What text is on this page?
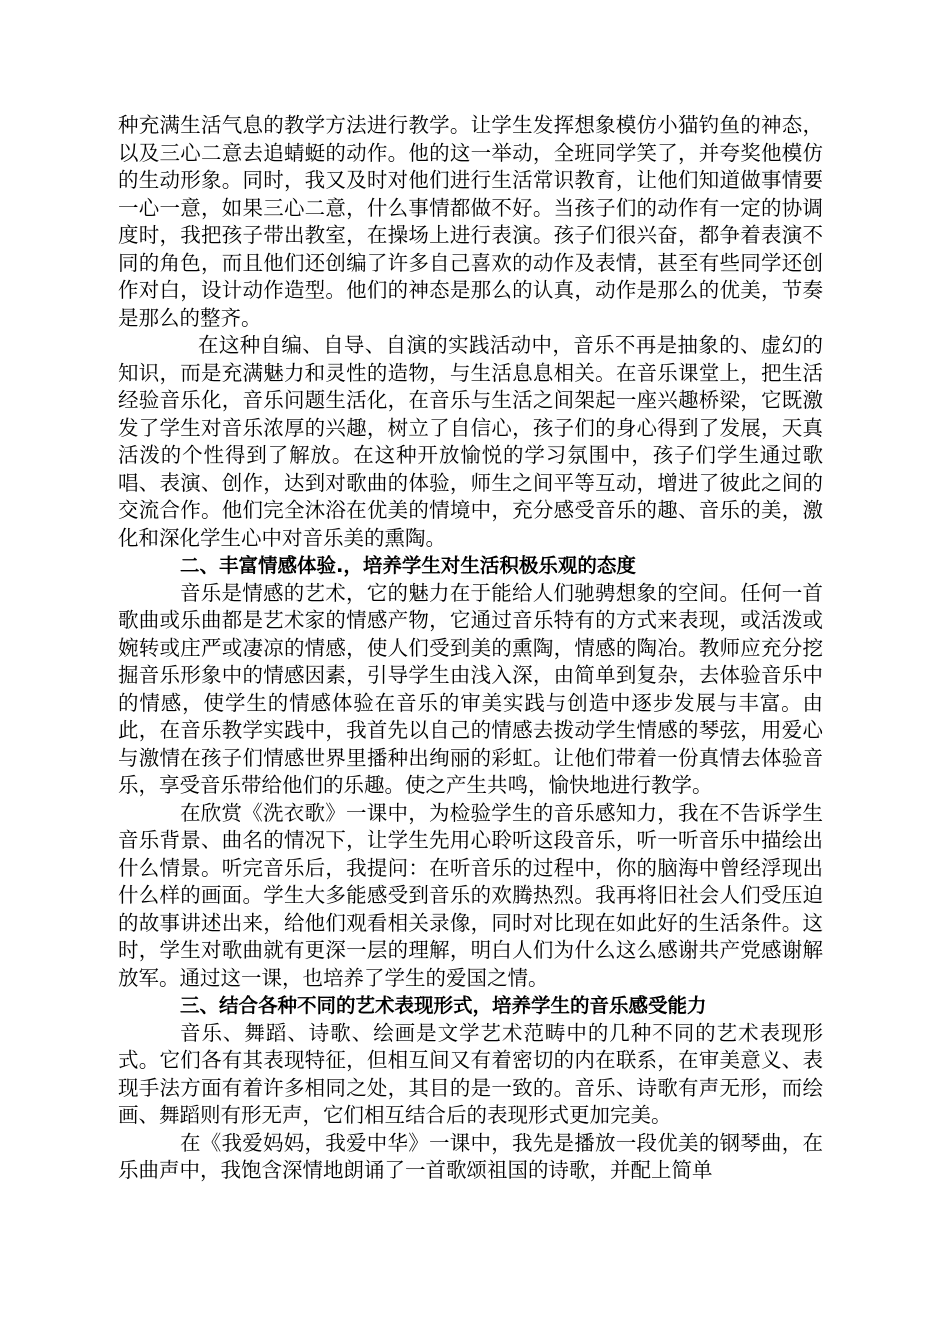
种充满生活气息的教学方法进行教学。让学生发挥想象模仿小猫钓鱼的神态，以及三心二意去追蜻蜓的动作。他的这一举动，全班同学笑了，并夸奖他模仿的生动形象。同时，我又及时对他们进行生活常识教育，让他们知道做事情要一心一意，如果三心二意，什么事情都做不好。当孩子们的动作有一定的协调度时，我把孩子带出教室，在操场上进行表演。孩子们很兴奋，都争着表演不同的角色，而且他们还创编了许多自己喜欢的动作及表情，甚至有些同学还创作对白，设计动作造型。他们的神态是那么的认真，动作是那么的优美，节奏是那么的整齐。

在这种自编、自导、自演的实践活动中，音乐不再是抽象的、虚幻的知识，而是充满魅力和灵性的造物，与生活息息相关。在音乐课堂上，把生活经验音乐化，音乐问题生活化，在音乐与生活之间架起一座兴趣桥梁，它既激发了学生对音乐浓厚的兴趣，树立了自信心，孩子们的身心得到了发展，天真活泼的个性得到了解放。在这种开放愉悦的学习氛围中，孩子们学生通过歌唱、表演、创作，达到对歌曲的体验，师生之间平等互动，增进了彼此之间的交流合作。他们完全沐浴在优美的情境中，充分感受音乐的趣、音乐的美，激化和深化学生心中对音乐美的熏陶。

二、丰富情感体验.，培养学生对生活积极乐观的态度

音乐是情感的艺术，它的魅力在于能给人们驰骋想象的空间。任何一首歌曲或乐曲都是艺术家的情感产物，它通过音乐特有的方式来表现，或活泼或婉转或庄严或凄凉的情感，使人们受到美的熏陶，情感的陶冶。教师应充分挖掘音乐形象中的情感因素，引导学生由浅入深，由简单到复杂，去体验音乐中的情感，使学生的情感体验在音乐的审美实践与创造中逐步发展与丰富。由此，在音乐教学实践中，我首先以自己的情感去拨动学生情感的琴弦，用爱心与激情在孩子们情感世界里播种出绚丽的彩虹。让他们带着一份真情去体验音乐，享受音乐带给他们的乐趣。使之产生共鸣，愉快地进行教学。

在欣赏《洗衣歌》一课中，为检验学生的音乐感知力，我在不告诉学生音乐背景、曲名的情况下，让学生先用心聆听这段音乐，听一听音乐中描绘出什么情景。听完音乐后，我提问：在听音乐的过程中，你的脑海中曾经浮现出什么样的画面。学生大多能感受到音乐的欢腾热烈。我再将旧社会人们受压迫的故事讲述出来，给他们观看相关录像，同时对比现在如此好的生活条件。这时，学生对歌曲就有更深一层的理解，明白人们为什么这么感谢共产党感谢解放军。通过这一课，也培养了学生的爱国之情。

三、结合各种不同的艺术表现形式，培养学生的音乐感受能力

音乐、舞蹈、诗歌、绘画是文学艺术范畴中的几种不同的艺术表现形式。它们各有其表现特征，但相互间又有着密切的内在联系，在审美意义、表现手法方面有着许多相同之处，其目的是一致的。音乐、诗歌有声无形，而绘画、舞蹈则有形无声，它们相互结合后的表现形式更加完美。

在《我爱妈妈，我爱中华》一课中，我先是播放一段优美的钢琴曲，在乐曲声中，我饱含深情地朗诵了一首歌颂祖国的诗歌，并配上简单
